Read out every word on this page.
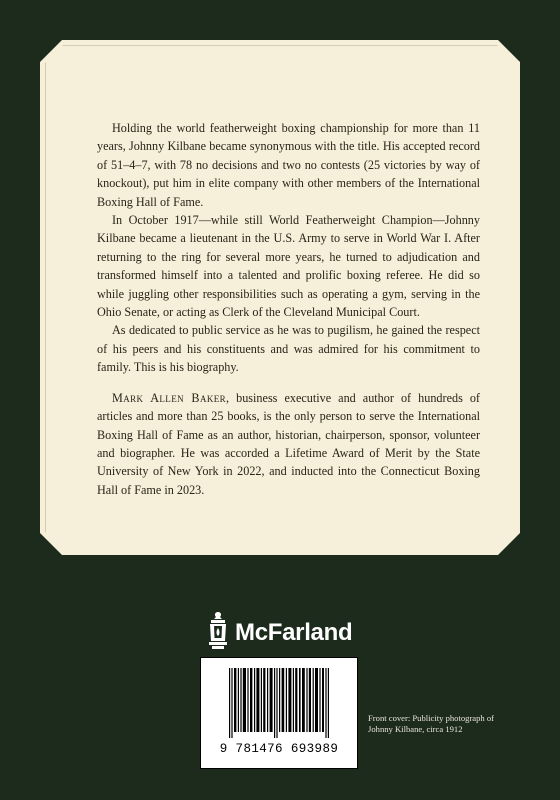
Holding the world featherweight boxing championship for more than 11 years, Johnny Kilbane became synonymous with the title. His accepted record of 51–4–7, with 78 no decisions and two no contests (25 victories by way of knockout), put him in elite company with other members of the International Boxing Hall of Fame.

In October 1917—while still World Featherweight Champion—Johnny Kilbane became a lieutenant in the U.S. Army to serve in World War I. After returning to the ring for several more years, he turned to adjudication and transformed himself into a talented and prolific boxing referee. He did so while juggling other responsibilities such as operating a gym, serving in the Ohio Senate, or acting as Clerk of the Cleveland Municipal Court.

As dedicated to public service as he was to pugilism, he gained the respect of his peers and his constituents and was admired for his commitment to family. This is his biography.

Mark Allen Baker, business executive and author of hundreds of articles and more than 25 books, is the only person to serve the International Boxing Hall of Fame as an author, historian, chairperson, sponsor, volunteer and biographer. He was accorded a Lifetime Award of Merit by the State University of New York in 2022, and inducted into the Connecticut Boxing Hall of Fame in 2023.

McFarland
9 781476 693989
Front cover: Publicity photograph of Johnny Kilbane, circa 1912
